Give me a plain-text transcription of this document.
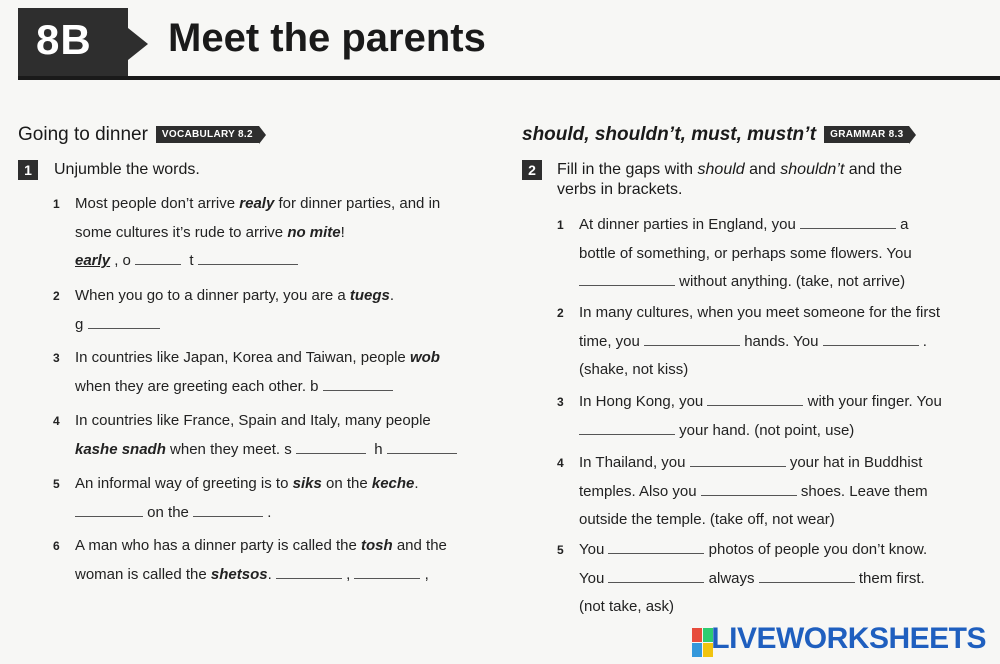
8B Meet the parents
Going to dinner VOCABULARY 8.2
1	Unjumble the words.
1 Most people don’t arrive realy for dinner parties, and in
some cultures it’s rude to arrive no mite!
early , o	t
2 When you go to a dinner party, you are a tuegs.
g
3 In countries like Japan, Korea and Taiwan, people wob
when they are greeting each other. b
4 In countries like France, Spain and Italy, many people
kashe snadh when they meet. s	h
5 An informal way of greeting is to siks on the keche.
on the	.
6 A man who has a dinner party is called the tosh and the
woman is called the shetsos.	,	,
should, shouldn’t, must, mustn’t GRAMMAR 8.3
2	Fill in the gaps with should and shouldn’t and the
verbs in brackets.
1 At dinner parties in England, you	a
bottle of something, or perhaps some flowers. You
without anything. (take, not arrive)
2 In many cultures, when you meet someone for the first
time, you	hands. You	.
(shake, not kiss)
3 In Hong Kong, you	with your finger. You
your hand. (not point, use)
4 In Thailand, you	your hat in Buddhist
temples. Also you	shoes. Leave them
outside the temple. (take off, not wear)
5 You	photos of people you don’t know.
You	always	them first.
(not take, ask)
LIVEWORKSHEETS
